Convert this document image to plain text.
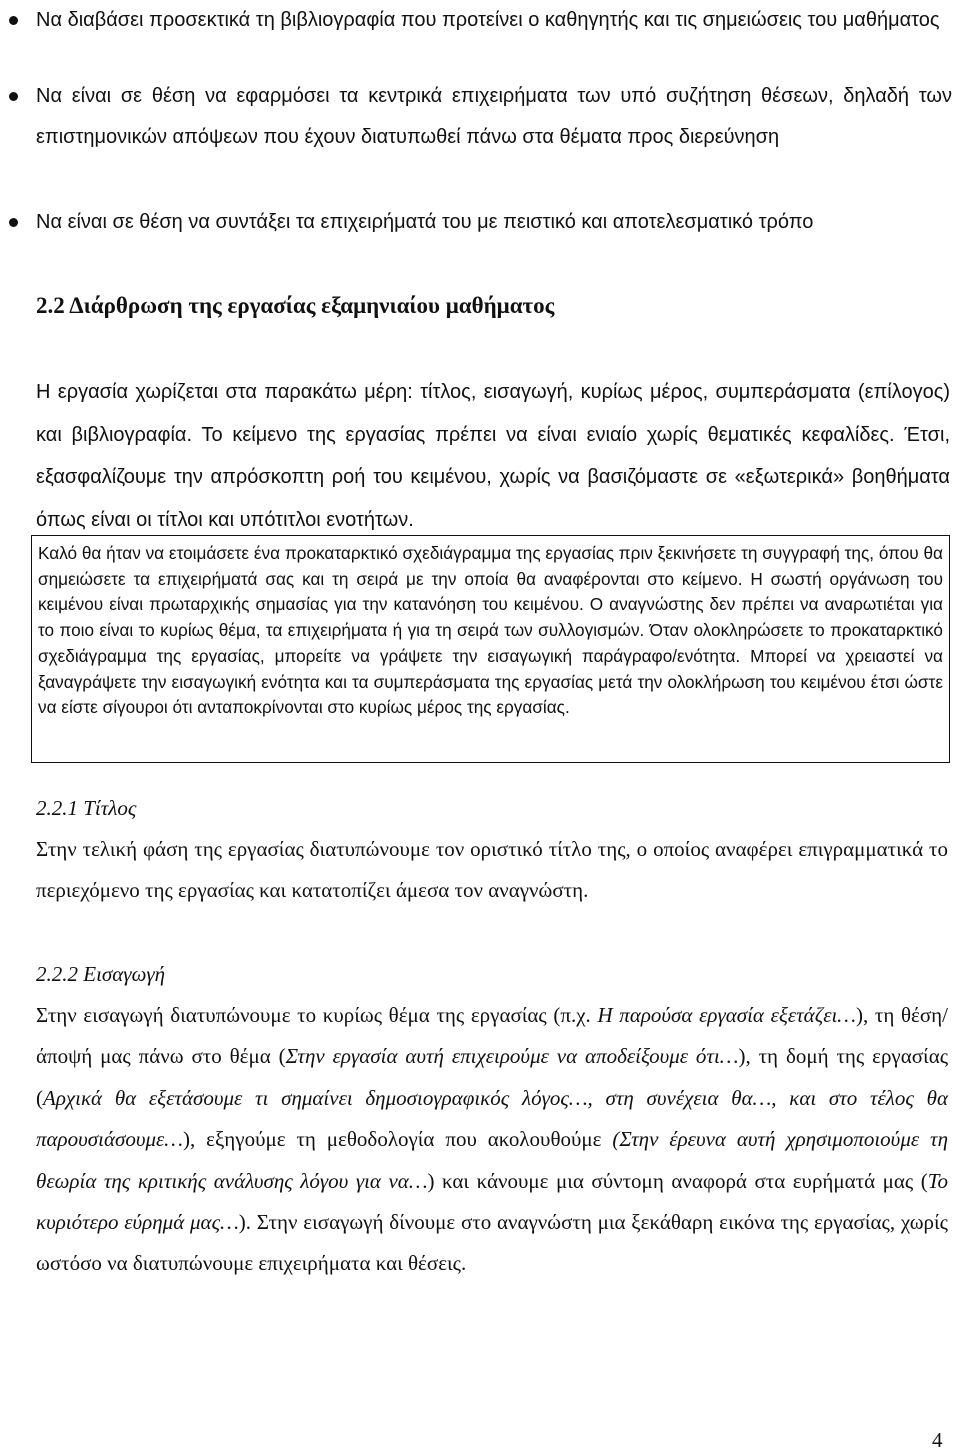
Να διαβάσει προσεκτικά τη βιβλιογραφία που προτείνει ο καθηγητής και τις σημειώσεις του μαθήματος
Να είναι σε θέση να εφαρμόσει τα κεντρικά επιχειρήματα των υπό συζήτηση θέσεων, δηλαδή των επιστημονικών απόψεων που έχουν διατυπωθεί πάνω στα θέματα προς διερεύνηση
Να είναι σε θέση να συντάξει τα επιχειρήματά του με πειστικό και αποτελεσματικό τρόπο
2.2 Διάρθρωση της εργασίας εξαμηνιαίου μαθήματος
Η εργασία χωρίζεται στα παρακάτω μέρη: τίτλος, εισαγωγή, κυρίως μέρος, συμπεράσματα (επίλογος) και βιβλιογραφία. Το κείμενο της εργασίας πρέπει να είναι ενιαίο χωρίς θεματικές κεφαλίδες. Έτσι, εξασφαλίζουμε την απρόσκοπτη ροή του κειμένου, χωρίς να βασιζόμαστε σε «εξωτερικά» βοηθήματα όπως είναι οι τίτλοι και υπότιτλοι ενοτήτων.
Καλό θα ήταν να ετοιμάσετε ένα προκαταρκτικό σχεδιάγραμμα της εργασίας πριν ξεκινήσετε τη συγγραφή της, όπου θα σημειώσετε τα επιχειρήματά σας και τη σειρά με την οποία θα αναφέρονται στο κείμενο. Η σωστή οργάνωση του κειμένου είναι πρωταρχικής σημασίας για την κατανόηση του κειμένου. Ο αναγνώστης δεν πρέπει να αναρωτιέται για το ποιο είναι το κυρίως θέμα, τα επιχειρήματα ή για τη σειρά των συλλογισμών. Όταν ολοκληρώσετε το προκαταρκτικό σχεδιάγραμμα της εργασίας, μπορείτε να γράψετε την εισαγωγική παράγραφο/ενότητα. Μπορεί να χρειαστεί να ξαναγράψετε την εισαγωγική ενότητα και τα συμπεράσματα της εργασίας μετά την ολοκλήρωση του κειμένου έτσι ώστε να είστε σίγουροι ότι ανταποκρίνονται στο κυρίως μέρος της εργασίας.
2.2.1 Τίτλος
Στην τελική φάση της εργασίας διατυπώνουμε τον οριστικό τίτλο της, ο οποίος αναφέρει επιγραμματικά το περιεχόμενο της εργασίας και κατατοπίζει άμεσα τον αναγνώστη.
2.2.2 Εισαγωγή
Στην εισαγωγή διατυπώνουμε το κυρίως θέμα της εργασίας (π.χ. Η παρούσα εργασία εξετάζει…), τη θέση/άποψή μας πάνω στο θέμα (Στην εργασία αυτή επιχειρούμε να αποδείξουμε ότι…), τη δομή της εργασίας (Αρχικά θα εξετάσουμε τι σημαίνει δημοσιογραφικός λόγος…, στη συνέχεια θα…, και στο τέλος θα παρουσιάσουμε…), εξηγούμε τη μεθοδολογία που ακολουθούμε (Στην έρευνα αυτή χρησιμοποιούμε τη θεωρία της κριτικής ανάλυσης λόγου για να…) και κάνουμε μια σύντομη αναφορά στα ευρήματά μας (Το κυριότερο εύρημά μας…). Στην εισαγωγή δίνουμε στο αναγνώστη μια ξεκάθαρη εικόνα της εργασίας, χωρίς ωστόσο να διατυπώνουμε επιχειρήματα και θέσεις.
4
